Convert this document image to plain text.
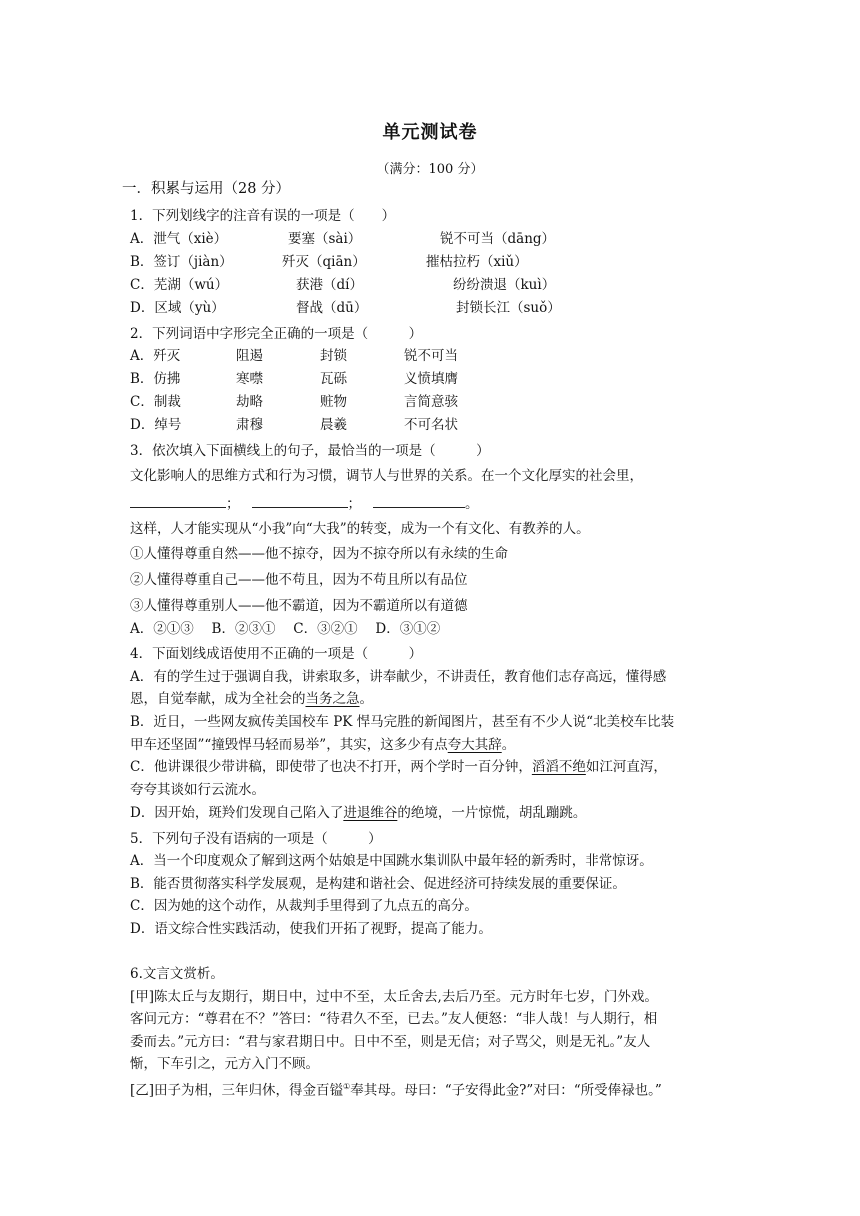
单元测试卷
（满分：100 分）
一．积累与运用（28 分）
1．下列划线字的注音有误的一项是（　　）
A．泄气（xiè）	要塞（sài）	锐不可当（dāng）
B．签订（jiàn）	歼灭（qiān）	摧枯拉朽（xiǔ）
C．芜湖（wú）	获港（dí）	纷纷溃退（kuì）
D．区域（yù）	督战（dū）	封锁长江（suǒ）
2．下列词语中字形完全正确的一项是（　　　）
A．歼灭	阻遏	封锁	锐不可当
B．仿拂	寒噤	瓦砾	义愤填膺
C．制裁	劫略	赃物	言简意骇
D．绰号	肃穆	晨羲	不可名状
3．依次填入下面横线上的句子，最恰当的一项是（　　　）
文化影响人的思维方式和行为习惯，调节人与世界的关系。在一个文化厚实的社会里，
；	；	。
这样，人才能实现从“小我”向“大我”的转变，成为一个有文化、有教养的人。
①人懂得尊重自然——他不掠夺，因为不掠夺所以有永续的生命
②人懂得尊重自己——他不苟且，因为不苟且所以有品位
③人懂得尊重别人——他不霸道，因为不霸道所以有道德
A．②①③　 B．②③①　 C．③②①　 D．③①②
4．下面划线成语使用不正确的一项是（　　　）
A．有的学生过于强调自我，讲索取多，讲奉献少，不讲责任，教育他们志存高远，懂得感
恩，自觉奉献，成为全社会的当务之急。
B．近日，一些网友疯传美国校车 PK 悍马完胜的新闻图片，甚至有不少人说“北美校车比装
甲车还坚固”“撞毁悍马轻而易举”，其实，这多少有点夸大其辞。
C．他讲课很少带讲稿，即使带了也决不打开，两个学时一百分钟，滔滔不绝如江河直泻，
夸夸其谈如行云流水。
D．因开始，斑羚们发现自己陷入了进退维谷的绝境，一片惊慌，胡乱蹦跳。
5．下列句子没有语病的一项是（　　　）
A．当一个印度观众了解到这两个姑娘是中国跳水集训队中最年轻的新秀时，非常惊讶。
B．能否贯彻落实科学发展观，是构建和谐社会、促进经济可持续发展的重要保证。
C．因为她的这个动作，从裁判手里得到了九点五的高分。
D．语文综合性实践活动，使我们开拓了视野，提高了能力。
6.文言文赏析。
[甲]陈太丘与友期行，期日中，过中不至，太丘舍去,去后乃至。元方时年七岁，门外戏。
客问元方：“尊君在不？”答曰：“待君久不至，已去。”友人便怒：“非人哉！与人期行，相
委而去。”元方曰：“君与家君期日中。日中不至，则是无信；对子骂父，则是无礼。”友人
惭，下车引之，元方入门不顾。
[乙]田子为相，三年归休，得金百镒①奉其母。母曰：“子安得此金?”对曰：“所受俸禄也。”
